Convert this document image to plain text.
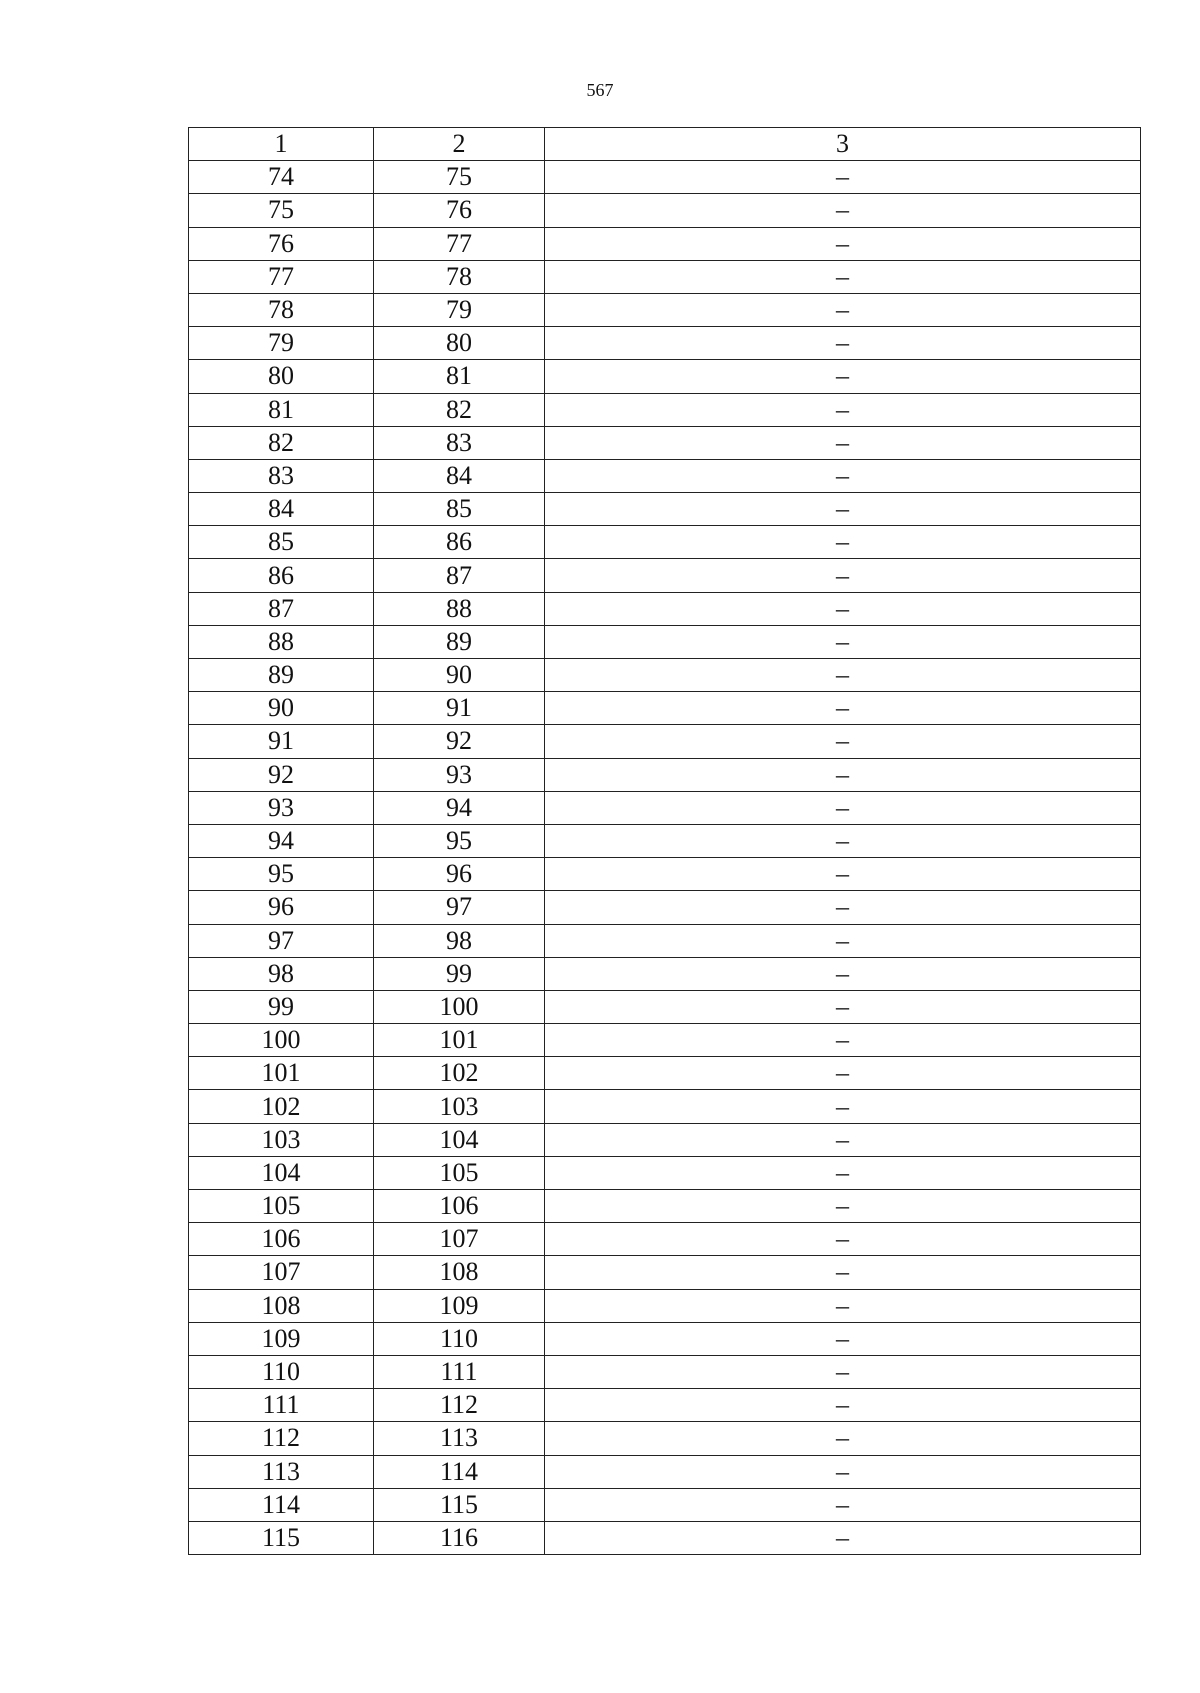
567
1	2	3
74	75	–
75	76	–
76	77	–
77	78	–
78	79	–
79	80	–
80	81	–
81	82	–
82	83	–
83	84	–
84	85	–
85	86	–
86	87	–
87	88	–
88	89	–
89	90	–
90	91	–
91	92	–
92	93	–
93	94	–
94	95	–
95	96	–
96	97	–
97	98	–
98	99	–
99	100	–
100	101	–
101	102	–
102	103	–
103	104	–
104	105	–
105	106	–
106	107	–
107	108	–
108	109	–
109	110	–
110	111	–
111	112	–
112	113	–
113	114	–
114	115	–
115	116	–
